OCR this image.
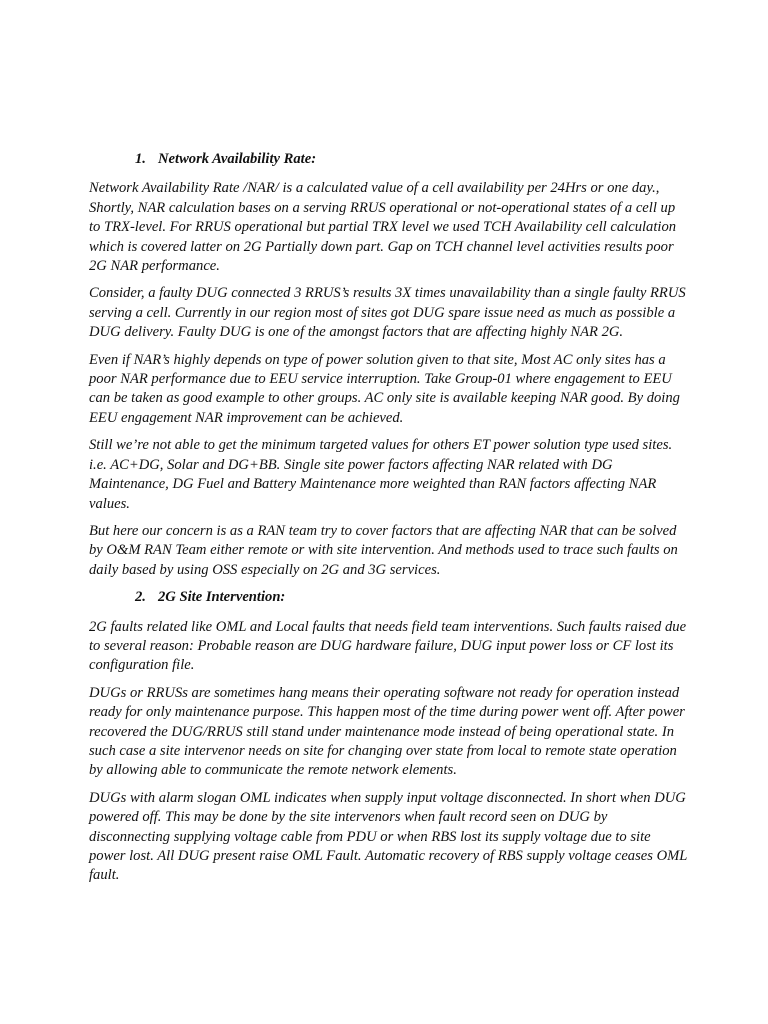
1. Network Availability Rate:

Network Availability Rate /NAR/ is a calculated value of a cell availability per 24Hrs or one day., Shortly, NAR calculation bases on a serving RRUS operational or not-operational states of a cell up to TRX-level. For RRUS operational but partial TRX level we used TCH Availability cell calculation which is covered latter on 2G Partially down part. Gap on TCH channel level activities results poor 2G NAR performance.

Consider, a faulty DUG connected 3 RRUS’s results 3X times unavailability than a single faulty RRUS serving a cell. Currently in our region most of sites got DUG spare issue need as much as possible a DUG delivery. Faulty DUG is one of the amongst factors that are affecting highly NAR 2G.

Even if NAR’s highly depends on type of power solution given to that site, Most AC only sites has a poor NAR performance due to EEU service interruption. Take Group-01 where engagement to EEU can be taken as good example to other groups. AC only site is available keeping NAR good. By doing EEU engagement NAR improvement can be achieved.

Still we’re not able to get the minimum targeted values for others ET power solution type used sites. i.e. AC+DG, Solar and DG+BB. Single site power factors affecting NAR related with DG Maintenance, DG Fuel and Battery Maintenance more weighted than RAN factors affecting NAR values.

But here our concern is as a RAN team try to cover factors that are affecting NAR that can be solved by O&M RAN Team either remote or with site intervention. And methods used to trace such faults on daily based by using OSS especially on 2G and 3G services.

2. 2G Site Intervention:

2G faults related like OML and Local faults that needs field team interventions. Such faults raised due to several reason: Probable reason are DUG hardware failure, DUG input power loss or CF lost its configuration file.

DUGs or RRUSs are sometimes hang means their operating software not ready for operation instead ready for only maintenance purpose. This happen most of the time during power went off. After power recovered the DUG/RRUS still stand under maintenance mode instead of being operational state. In such case a site intervenor needs on site for changing over state from local to remote state operation by allowing able to communicate the remote network elements.

DUGs with alarm slogan OML indicates when supply input voltage disconnected. In short when DUG powered off. This may be done by the site intervenors when fault record seen on DUG by disconnecting supplying voltage cable from PDU or when RBS lost its supply voltage due to site power lost. All DUG present raise OML Fault. Automatic recovery of RBS supply voltage ceases OML fault.
